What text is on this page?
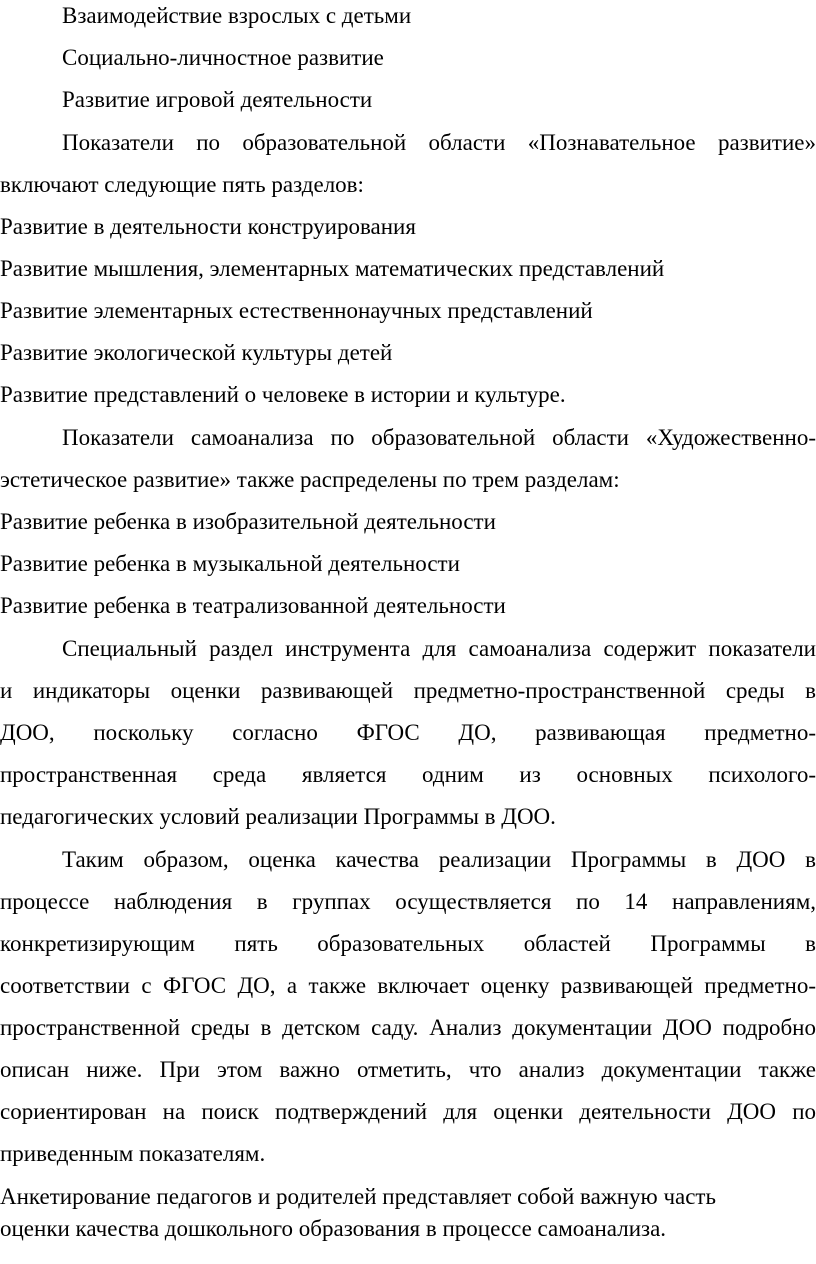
Взаимодействие взрослых с детьми
Социально-личностное развитие
Развитие игровой деятельности
Показатели по образовательной области «Познавательное развитие»
включают следующие пять разделов:
Развитие в деятельности конструирования
Развитие мышления, элементарных математических представлений
Развитие элементарных естественнонаучных представлений
Развитие экологической культуры детей
Развитие представлений о человеке в истории и культуре.
Показатели самоанализа по образовательной области «Художественно-
эстетическое развитие» также распределены по трем разделам:
Развитие ребенка в изобразительной деятельности
Развитие ребенка в музыкальной деятельности
Развитие ребенка в театрализованной деятельности
Специальный раздел инструмента для самоанализа содержит показатели
и индикаторы оценки развивающей предметно-пространственной среды в
ДОО, поскольку согласно ФГОС ДО, развивающая предметно-
пространственная среда является одним из основных психолого-
педагогических условий реализации Программы в ДОО.
Таким образом, оценка качества реализации Программы в ДОО в
процессе наблюдения в группах осуществляется по 14 направлениям,
конкретизирующим пять образовательных областей Программы в
соответствии с ФГОС ДО, а также включает оценку развивающей предметно-
пространственной среды в детском саду. Анализ документации ДОО подробно
описан ниже. При этом важно отметить, что анализ документации также
сориентирован на поиск подтверждений для оценки деятельности ДОО по
приведенным показателям.
Анкетирование педагогов и родителей представляет собой важную часть
оценки качества дошкольного образования в процессе самоанализа.
